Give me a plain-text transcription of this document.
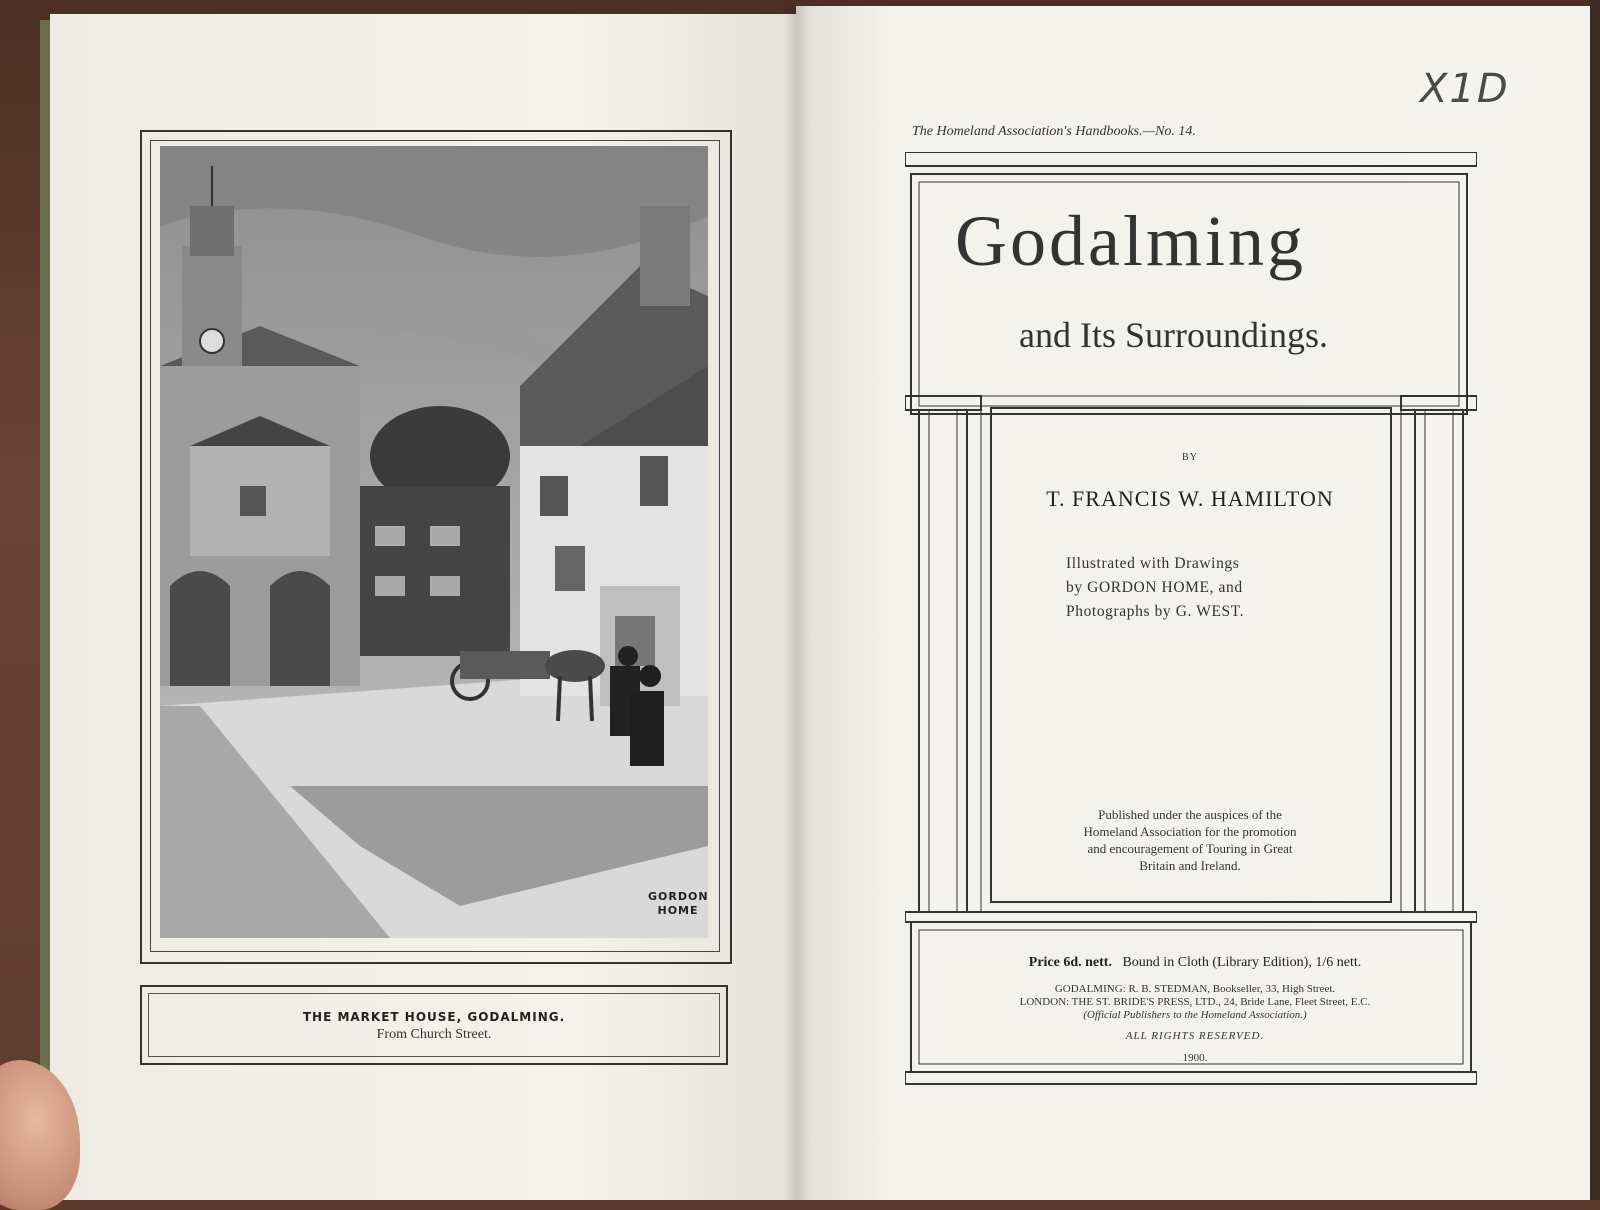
GORDON
HOME
THE MARKET HOUSE, GODALMING.
From Church Street.
X1D
The Homeland Association's Handbooks.—No. 14.
Godalming
and Its Surroundings.
BY
T. FRANCIS W. HAMILTON
Illustrated with Drawings
by GORDON HOME, and
Photographs by G. WEST.
Published under the auspices of the
Homeland Association for the promotion
and encouragement of Touring in Great
Britain and Ireland.
Price 6d. nett. Bound in Cloth (Library Edition), 1/6 nett.
GODALMING: R. B. STEDMAN, Bookseller, 33, High Street.
LONDON: THE ST. BRIDE'S PRESS, LTD., 24, Bride Lane, Fleet Street, E.C.
(Official Publishers to the Homeland Association.)
ALL RIGHTS RESERVED.
1900.
